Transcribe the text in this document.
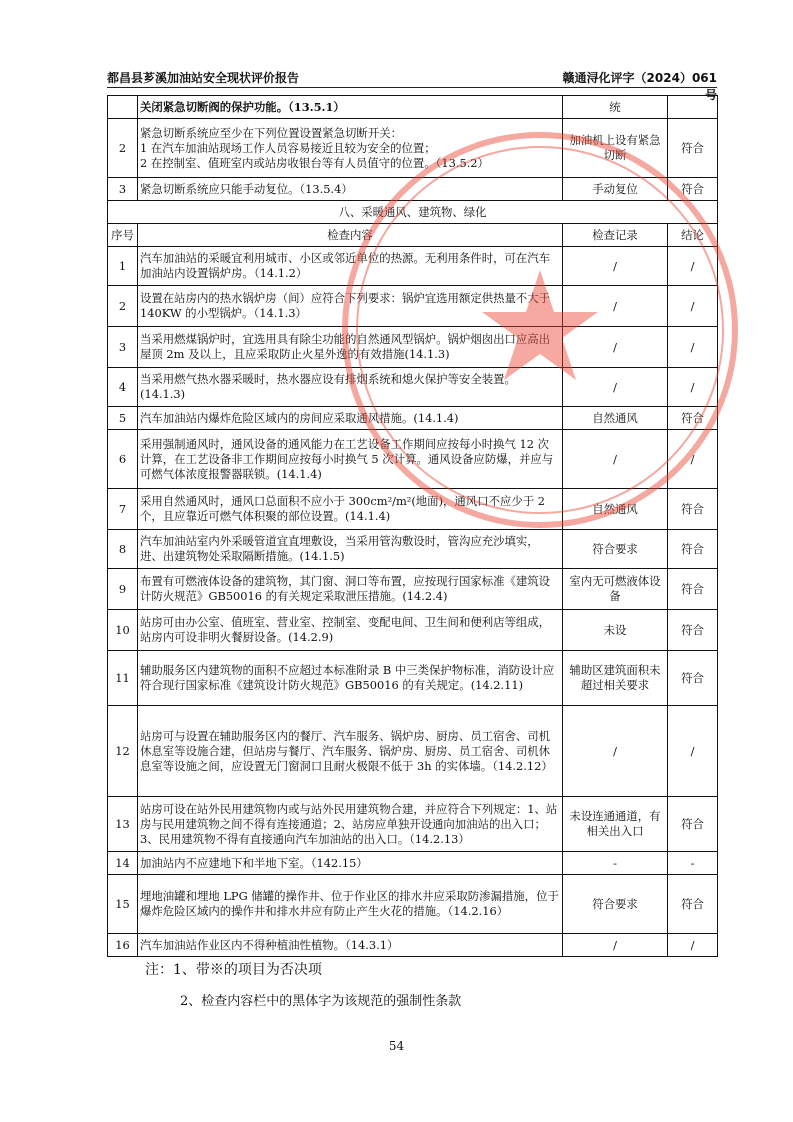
都昌县芗溪加油站安全现状评价报告	赣通浔化评字（2024）061号
	关闭紧急切断阀的保护功能。（13.5.1）	统	
2	紧急切断系统应至少在下列位置设置紧急切断开关：
1 在汽车加油站现场工作人员容易接近且较为安全的位置；
2 在控制室、值班室内或站房收银台等有人员值守的位置。（13.5.2）	加油机上设有紧急切断	符合
3	紧急切断系统应只能手动复位。（13.5.4）	手动复位	符合
八、采暖通风、建筑物、绿化			
序号	检查内容	检查记录	结论
1	汽车加油站的采暖宜利用城市、小区或邻近单位的热源。无利用条件时，可在汽车加油站内设置锅炉房。（14.1.2）	/	/
2	设置在站房内的热水锅炉房（间）应符合下列要求：锅炉宜选用额定供热量不大于 140KW 的小型锅炉。（14.1.3）	/	/
3	当采用燃煤锅炉时，宜选用具有除尘功能的自然通风型锅炉。锅炉烟囱出口应高出屋顶 2m 及以上，且应采取防止火星外逸的有效措施(14.1.3)	/	/
4	当采用燃气热水器采暖时，热水器应设有排烟系统和熄火保护等安全装置。(14.1.3)	/	/
5	汽车加油站内爆炸危险区域内的房间应采取通风措施。(14.1.4)	自然通风	符合
6	采用强制通风时，通风设备的通风能力在工艺设备工作期间应按每小时换气 12 次计算，在工艺设备非工作期间应按每小时换气 5 次计算。通风设备应防爆，并应与可燃气体浓度报警器联锁。(14.1.4)	/	/
7	采用自然通风时，通风口总面积不应小于 300cm²/m²(地面)，通风口不应少于 2 个，且应靠近可燃气体积聚的部位设置。(14.1.4)	自然通风	符合
8	汽车加油站室内外采暖管道宜直埋敷设，当采用管沟敷设时，管沟应充沙填实，进、出建筑物处采取隔断措施。(14.1.5)	符合要求	符合
9	布置有可燃液体设备的建筑物，其门窗、洞口等布置，应按现行国家标准《建筑设计防火规范》GB50016 的有关规定采取泄压措施。(14.2.4)	室内无可燃液体设备	符合
10	站房可由办公室、值班室、营业室、控制室、变配电间、卫生间和便利店等组成，站房内可设非明火餐厨设备。(14.2.9)	未设	符合
11	辅助服务区内建筑物的面积不应超过本标准附录 B 中三类保护物标准，消防设计应符合现行国家标准《建筑设计防火规范》GB50016 的有关规定。(14.2.11)	辅助区建筑面积未超过相关要求	符合
12	站房可与设置在辅助服务区内的餐厅、汽车服务、锅炉房、厨房、员工宿舍、司机休息室等设施合建，但站房与餐厅、汽车服务、锅炉房、厨房、员工宿舍、司机休息室等设施之间，应设置无门窗洞口且耐火极限不低于 3h 的实体墙。（14.2.12）	/	/
13	站房可设在站外民用建筑物内或与站外民用建筑物合建，并应符合下列规定：1、站房与民用建筑物之间不得有连接通道；2、站房应单独开设通向加油站的出入口；3、民用建筑物不得有直接通向汽车加油站的出入口。（14.2.13）	未设连通通道，有相关出入口	符合
14	加油站内不应建地下和半地下室。（142.15）	-	-
15	埋地油罐和埋地 LPG 储罐的操作井、位于作业区的排水井应采取防渗漏措施，位于爆炸危险区域内的操作井和排水井应有防止产生火花的措施。（14.2.16）	符合要求	符合
16	汽车加油站作业区内不得种植油性植物。（14.3.1）	/	/
注：1、带※的项目为否决项
2、检查内容栏中的黑体字为该规范的强制性条款
54
